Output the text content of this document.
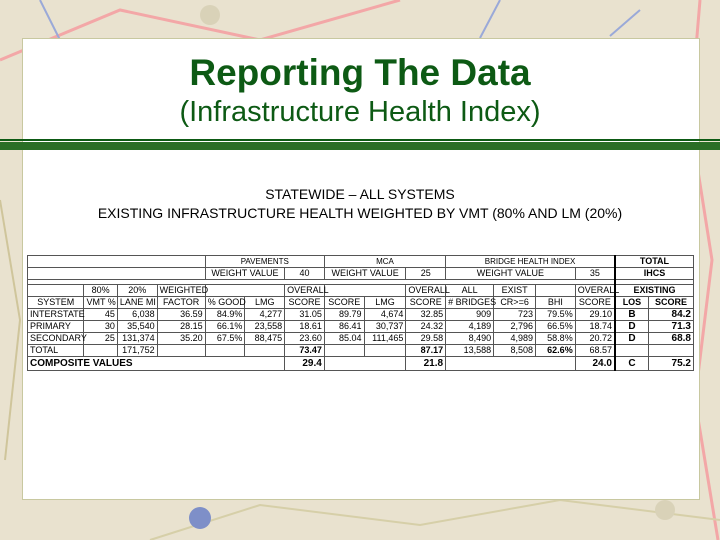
Reporting The Data
(Infrastructure Health Index)
STATEWIDE – ALL SYSTEMS
EXISTING INFRASTRUCTURE HEALTH WEIGHTED BY VMT (80% AND LM (20%)
				PAVEMENTS			MCA			BRIDGE HEALTH INDEX				TOTAL	
				WEIGHT VALUE		40	WEIGHT VALUE		25	WEIGHT VALUE			35	IHCS	

	80%	20%	WEIGHTED			OVERALL			OVERALL	ALL	EXIST		OVERALL	EXISTING	
SYSTEM	VMT %	LANE MI	FACTOR	% GOOD	LMG	SCORE	SCORE	LMG	SCORE	# BRIDGES	CR>=6	BHI	SCORE	LOS	SCORE
INTERSTATE	45	6,038	36.59	84.9%	4,277	31.05	89.79	4,674	32.85	909	723	79.5%	29.10	B	84.2
PRIMARY	30	35,540	28.15	66.1%	23,558	18.61	86.41	30,737	24.32	4,189	2,796	66.5%	18.74	D	71.3
SECONDARY	25	131,374	35.20	67.5%	88,475	23.60	85.04	111,465	29.58	8,490	4,989	58.8%	20.72	D	68.8
TOTAL		171,752				73.47			87.17	13,588	8,508	62.6%	68.57		
COMPOSITE VALUES						29.4			21.8				24.0	C	75.2
